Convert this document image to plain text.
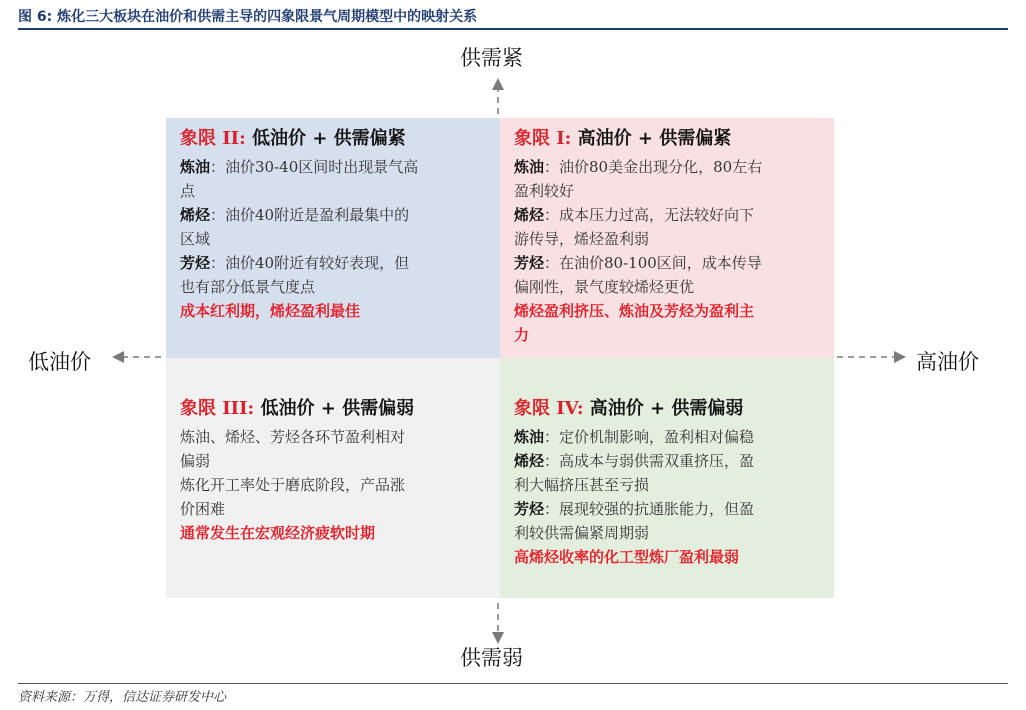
图 6: 炼化三大板块在油价和供需主导的四象限景气周期模型中的映射关系
供需紧
供需弱
低油价	高油价
象限 II: 低油价 + 供需偏紧
炼油：油价30-40区间时出现景气高
点
烯烃：油价40附近是盈利最集中的
区域
芳烃：油价40附近有较好表现，但
也有部分低景气度点
成本红利期，烯烃盈利最佳
象限 I: 高油价 + 供需偏紧
炼油：油价80美金出现分化，80左右
盈利较好
烯烃：成本压力过高，无法较好向下
游传导，烯烃盈利弱
芳烃：在油价80-100区间，成本传导
偏刚性，景气度较烯烃更优
烯烃盈利挤压、炼油及芳烃为盈利主
力
象限 III: 低油价 + 供需偏弱
炼油、烯烃、芳烃各环节盈利相对
偏弱
炼化开工率处于磨底阶段，产品涨
价困难
通常发生在宏观经济疲软时期
象限 IV: 高油价 + 供需偏弱
炼油：定价机制影响，盈利相对偏稳
烯烃：高成本与弱供需双重挤压，盈
利大幅挤压甚至亏损
芳烃：展现较强的抗通胀能力，但盈
利较供需偏紧周期弱
高烯烃收率的化工型炼厂盈利最弱
资料来源：万得，信达证券研发中心
